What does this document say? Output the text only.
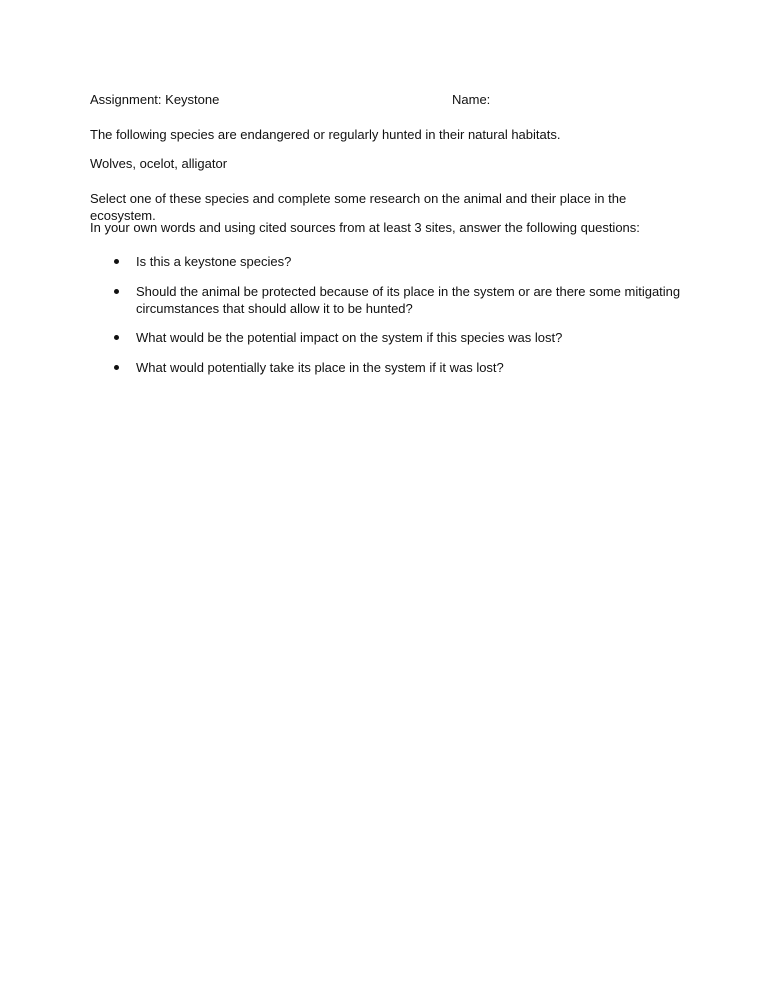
Assignment: Keystone	Name:

The following species are endangered or regularly hunted in their natural habitats.

Wolves, ocelot, alligator

Select one of these species and complete some research on the animal and their place in the ecosystem.

In your own words and using cited sources from at least 3 sites, answer the following questions:

Is this a keystone species?
Should the animal be protected because of its place in the system or are there some mitigating circumstances that should allow it to be hunted?
What would be the potential impact on the system if this species was lost?
What would potentially take its place in the system if it was lost?
